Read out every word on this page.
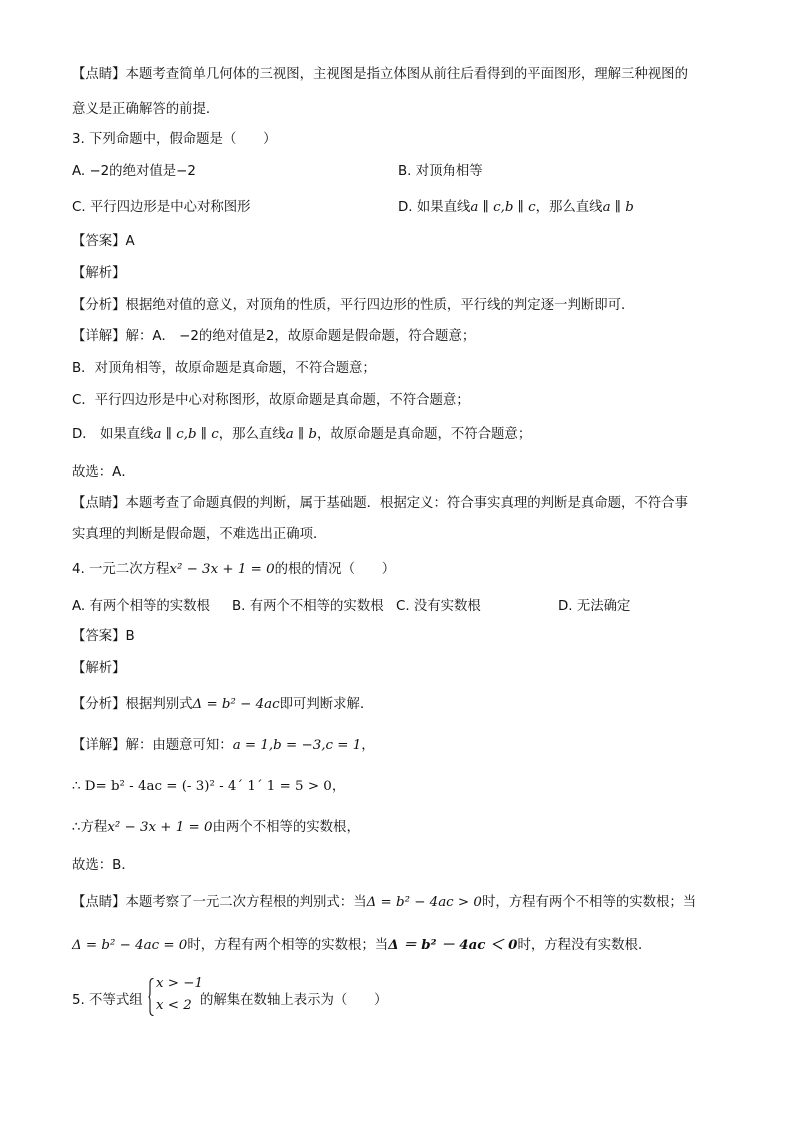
【点睛】本题考查简单几何体的三视图，主视图是指立体图从前往后看得到的平面图形，理解三种视图的
意义是正确解答的前提．
3. 下列命题中，假命题是（　　）
A. −2的绝对值是−2	B. 对顶角相等
C. 平行四边形是中心对称图形	D. 如果直线a ∥ c,b ∥ c，那么直线a ∥ b
【答案】A
【解析】
【分析】根据绝对值的意义，对顶角的性质，平行四边形的性质，平行线的判定逐一判断即可．
【详解】解：A． −2的绝对值是2，故原命题是假命题，符合题意；
B．对顶角相等，故原命题是真命题，不符合题意；
C．平行四边形是中心对称图形，故原命题是真命题，不符合题意；
D． 如果直线a ∥ c,b ∥ c，那么直线a ∥ b，故原命题是真命题，不符合题意；
故选：A．
【点睛】本题考查了命题真假的判断，属于基础题．根据定义：符合事实真理的判断是真命题，不符合事
实真理的判断是假命题，不难选出正确项．
4. 一元二次方程x² − 3x + 1 = 0的根的情况（　　）
A. 有两个相等的实数根 B. 有两个不相等的实数根 C. 没有实数根	D. 无法确定
【答案】B
【解析】
【分析】根据判别式Δ = b² − 4ac即可判断求解．
【详解】解：由题意可知：a = 1,b = −3,c = 1，
∴ D= b² - 4ac = (- 3)² - 4´ 1´ 1 = 5 > 0，
∴方程x² − 3x + 1 = 0由两个不相等的实数根，
故选：B．
【点睛】本题考察了一元二次方程根的判别式：当Δ = b² − 4ac > 0时，方程有两个不相等的实数根；当
Δ = b² − 4ac = 0时，方程有两个相等的实数根；当Δ ＝ b² － 4ac ＜ 0时，方程没有实数根．
5. 不等式组
x > −1
x < 2 的解集在数轴上表示为（　　）
